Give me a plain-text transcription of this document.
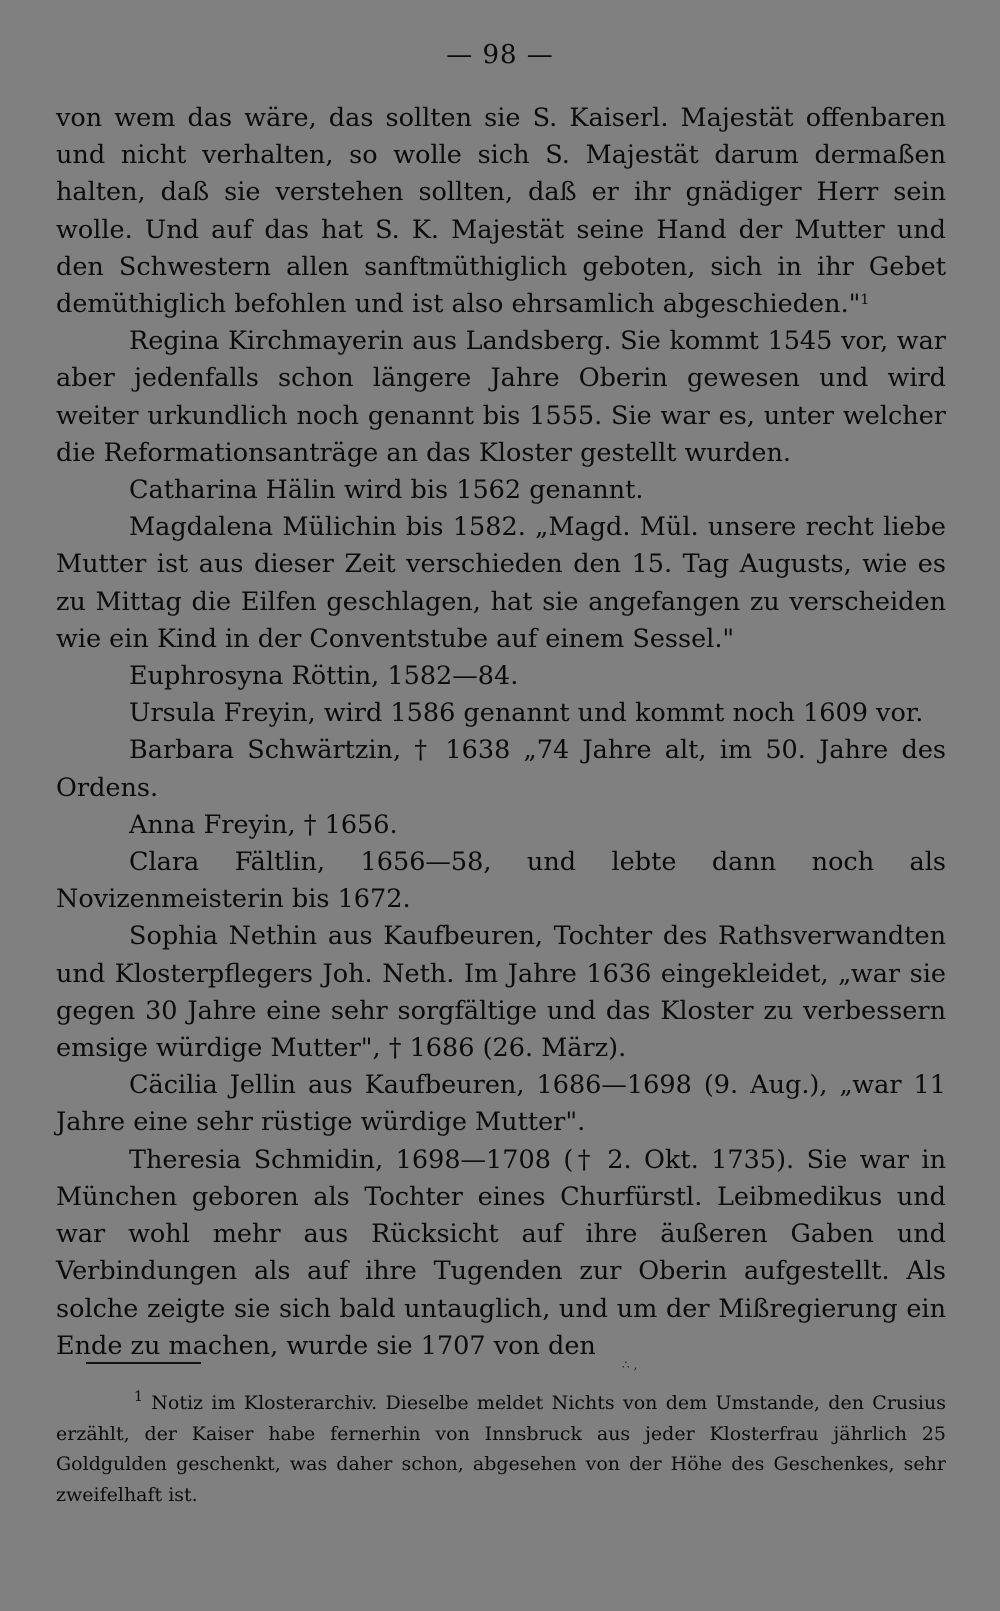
— 98 —

von wem das wäre, das sollten sie S. Kaiserl. Majestät offenbaren und nicht verhalten, so wolle sich S. Majestät darum dermaßen halten, daß sie verstehen sollten, daß er ihr gnädiger Herr sein wolle. Und auf das hat S. K. Majestät seine Hand der Mutter und den Schwestern allen sanftmüthiglich geboten, sich in ihr Gebet demüthiglich befohlen und ist also ehrsamlich abgeschieden."$^1$

Regina Kirchmayerin aus Landsberg. Sie kommt 1545 vor, war aber jedenfalls schon längere Jahre Oberin gewesen und wird weiter urkundlich noch genannt bis 1555. Sie war es, unter welcher die Reformationsanträge an das Kloster gestellt wurden.

Catharina Hälin wird bis 1562 genannt.

Magdalena Mülichin bis 1582. „Magd. Mül. unsere recht liebe Mutter ist aus dieser Zeit verschieden den 15. Tag Augusts, wie es zu Mittag die Eilfen geschlagen, hat sie angefangen zu verscheiden wie ein Kind in der Conventstube auf einem Sessel."

Euphrosyna Röttin, 1582—84.

Ursula Freyin, wird 1586 genannt und kommt noch 1609 vor.

Barbara Schwärtzin, † 1638 „74 Jahre alt, im 50. Jahre des Ordens.

Anna Freyin, † 1656.

Clara Fältlin, 1656—58, und lebte dann noch als Novizenmeisterin bis 1672.

Sophia Nethin aus Kaufbeuren, Tochter des Rathsverwandten und Klosterpflegers Joh. Neth. Im Jahre 1636 eingekleidet, „war sie gegen 30 Jahre eine sehr sorgfältige und das Kloster zu verbessern emsige würdige Mutter", † 1686 (26. März).

Cäcilia Jellin aus Kaufbeuren, 1686—1698 (9. Aug.), „war 11 Jahre eine sehr rüstige würdige Mutter".

Theresia Schmidin, 1698—1708 († 2. Okt. 1735). Sie war in München geboren als Tochter eines Churfürstl. Leibmedikus und war wohl mehr aus Rücksicht auf ihre äußeren Gaben und Verbindungen als auf ihre Tugenden zur Oberin aufgestellt. Als solche zeigte sie sich bald untauglich, und um der Mißregierung ein Ende zu machen, wurde sie 1707 von den

∴ ,

$^1$ Notiz im Klosterarchiv. Dieselbe meldet Nichts von dem Umstande, den Crusius erzählt, der Kaiser habe fernerhin von Innsbruck aus jeder Klosterfrau jährlich 25 Goldgulden geschenkt, was daher schon, abgesehen von der Höhe des Geschenkes, sehr zweifelhaft ist.
